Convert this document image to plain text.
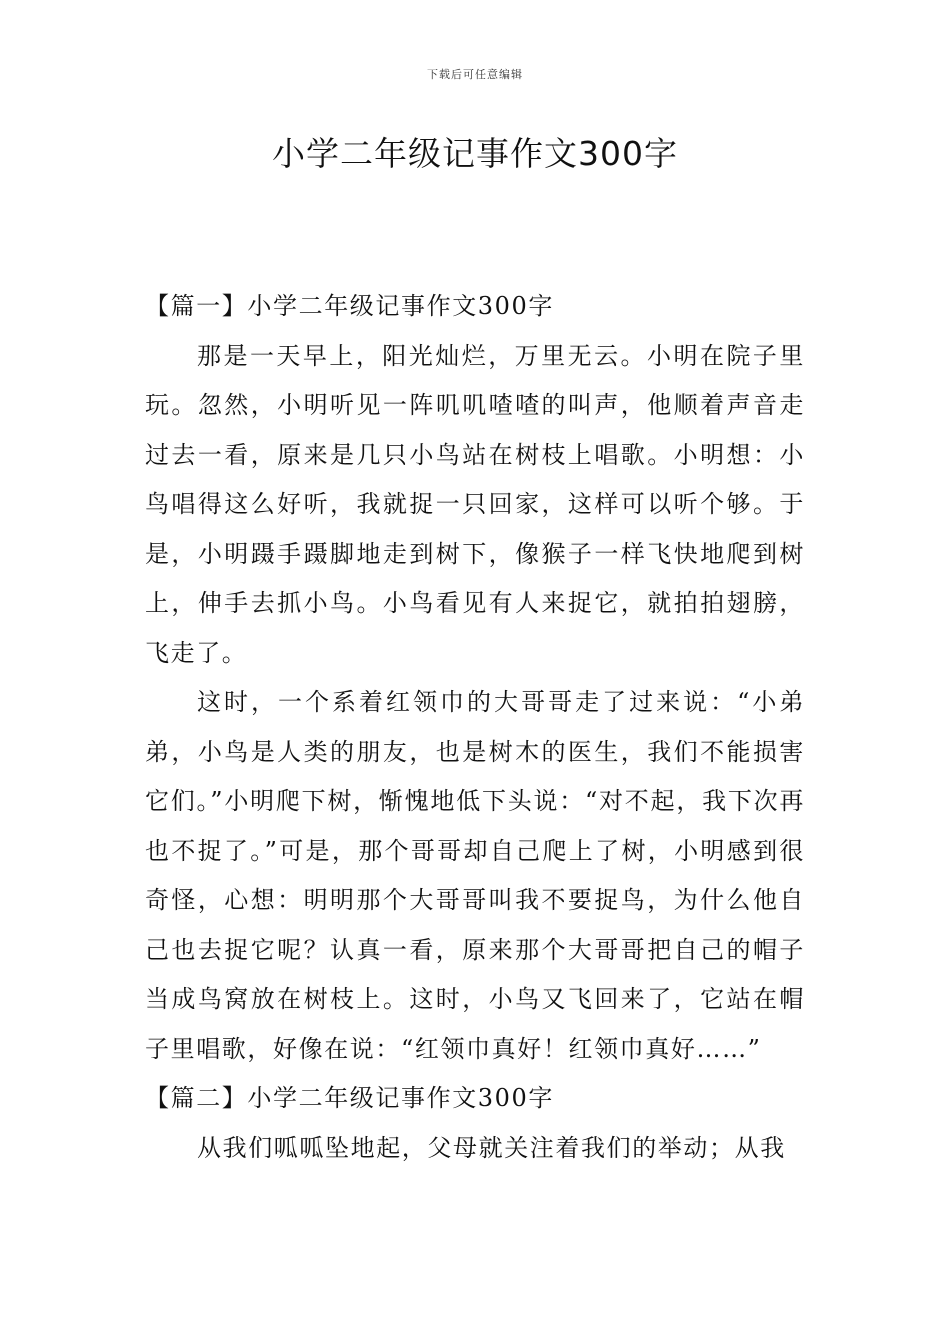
下载后可任意编辑
小学二年级记事作文300字
【篇一】小学二年级记事作文300字

那是一天早上，阳光灿烂，万里无云。小明在院子里玩。忽然，小明听见一阵叽叽喳喳的叫声，他顺着声音走过去一看，原来是几只小鸟站在树枝上唱歌。小明想：小鸟唱得这么好听，我就捉一只回家，这样可以听个够。于是，小明蹑手蹑脚地走到树下，像猴子一样飞快地爬到树上，伸手去抓小鸟。小鸟看见有人来捉它，就拍拍翅膀，飞走了。

这时，一个系着红领巾的大哥哥走了过来说：“小弟弟，小鸟是人类的朋友，也是树木的医生，我们不能损害它们。”小明爬下树，惭愧地低下头说：“对不起，我下次再也不捉了。”可是，那个哥哥却自己爬上了树，小明感到很奇怪，心想：明明那个大哥哥叫我不要捉鸟，为什么他自己也去捉它呢？认真一看，原来那个大哥哥把自己的帽子当成鸟窝放在树枝上。这时，小鸟又飞回来了，它站在帽子里唱歌，好像在说：“红领巾真好！红领巾真好……”

【篇二】小学二年级记事作文300字

从我们呱呱坠地起，父母就关注着我们的举动；从我
